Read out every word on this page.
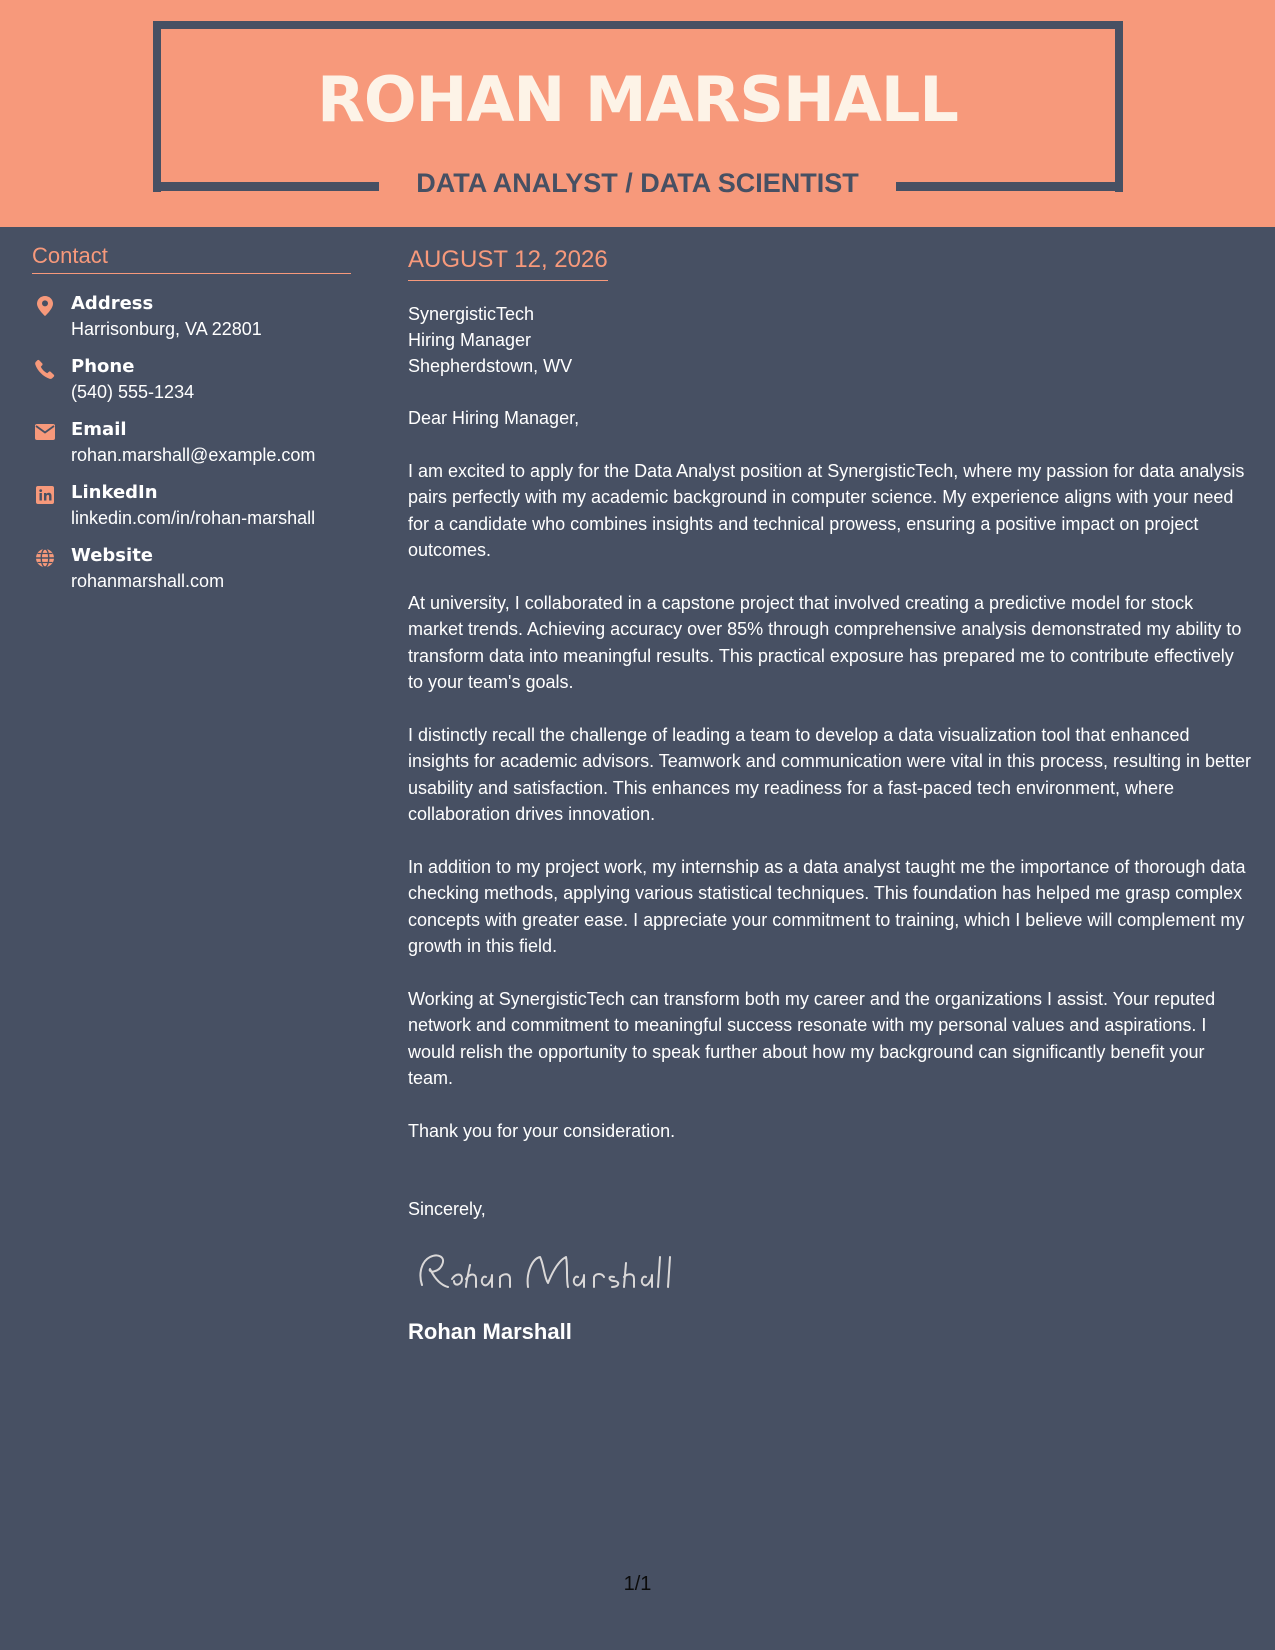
ROHAN MARSHALL
DATA ANALYST / DATA SCIENTIST
Contact
Address
Harrisonburg, VA 22801
Phone
(540) 555-1234
Email
rohan.marshall@example.com
LinkedIn
linkedin.com/in/rohan-marshall
Website
rohanmarshall.com
AUGUST 12, 2026
SynergisticTech
Hiring Manager
Shepherdstown, WV

Dear Hiring Manager,

I am excited to apply for the Data Analyst position at SynergisticTech, where my passion for data analysis pairs perfectly with my academic background in computer science. My experience aligns with your need for a candidate who combines insights and technical prowess, ensuring a positive impact on project outcomes.

At university, I collaborated in a capstone project that involved creating a predictive model for stock market trends. Achieving accuracy over 85% through comprehensive analysis demonstrated my ability to transform data into meaningful results. This practical exposure has prepared me to contribute effectively to your team's goals.

I distinctly recall the challenge of leading a team to develop a data visualization tool that enhanced insights for academic advisors. Teamwork and communication were vital in this process, resulting in better usability and satisfaction. This enhances my readiness for a fast-paced tech environment, where collaboration drives innovation.

In addition to my project work, my internship as a data analyst taught me the importance of thorough data checking methods, applying various statistical techniques. This foundation has helped me grasp complex concepts with greater ease. I appreciate your commitment to training, which I believe will complement my growth in this field.

Working at SynergisticTech can transform both my career and the organizations I assist. Your reputed network and commitment to meaningful success resonate with my personal values and aspirations. I would relish the opportunity to speak further about how my background can significantly benefit your team.

Thank you for your consideration.

Sincerely,

Rohan Marshall
1/1
